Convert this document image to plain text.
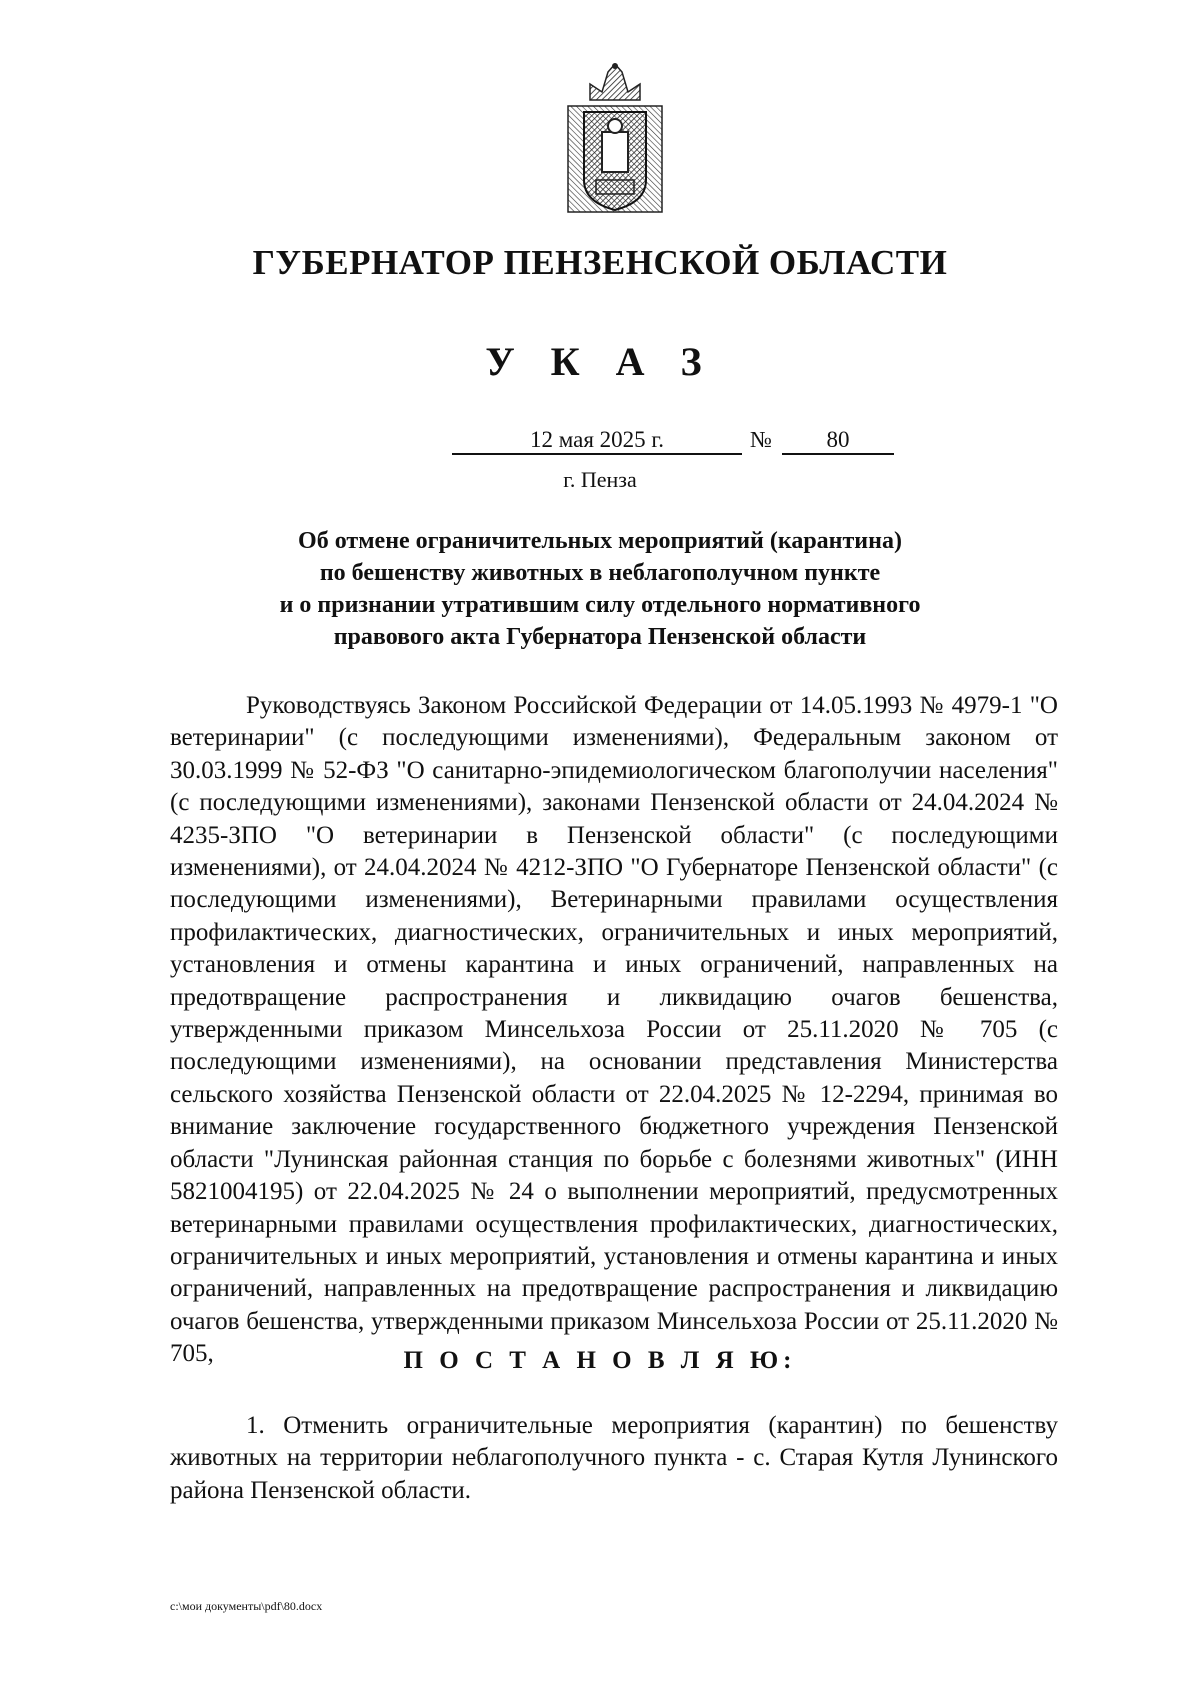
ГУБЕРНАТОР ПЕНЗЕНСКОЙ ОБЛАСТИ
У К А З
12 мая 2025 г.	№	80
г. Пенза
Об отмене ограничительных мероприятий (карантина)
по бешенству животных в неблагополучном пункте
и о признании утратившим силу отдельного нормативного
правового акта Губернатора Пензенской области

Руководствуясь Законом Российской Федерации от 14.05.1993 № 4979-1 "О ветеринарии" (с последующими изменениями), Федеральным законом от 30.03.1999 № 52-ФЗ "О санитарно-эпидемиологическом благополучии населения" (с последующими изменениями), законами Пензенской области от 24.04.2024 № 4235-ЗПО "О ветеринарии в Пензенской области" (с последующими изменениями), от 24.04.2024 № 4212-ЗПО "О Губернаторе Пензенской области" (с последующими изменениями), Ветеринарными правилами осуществления профилактических, диагностических, ограничительных и иных мероприятий, установления и отмены карантина и иных ограничений, направленных на предотвращение распространения и ликвидацию очагов бешенства, утвержденными приказом Минсельхоза России от 25.11.2020 № 705 (с последующими изменениями), на основании представления Министерства сельского хозяйства Пензенской области от 22.04.2025 № 12-2294, принимая во внимание заключение государственного бюджетного учреждения Пензенской области "Лунинская районная станция по борьбе с болезнями животных" (ИНН 5821004195) от 22.04.2025 № 24 о выполнении мероприятий, предусмотренных ветеринарными правилами осуществления профилактических, диагностических, ограничительных и иных мероприятий, установления и отмены карантина и иных ограничений, направленных на предотвращение распространения и ликвидацию очагов бешенства, утвержденными приказом Минсельхоза России от 25.11.2020 № 705,	П О С Т А Н О В Л Я Ю:

1. Отменить ограничительные мероприятия (карантин) по бешенству животных на территории неблагополучного пункта - с. Старая Кутля Лунинского района Пензенской области.

c:\мои документы\pdf\80.docx
